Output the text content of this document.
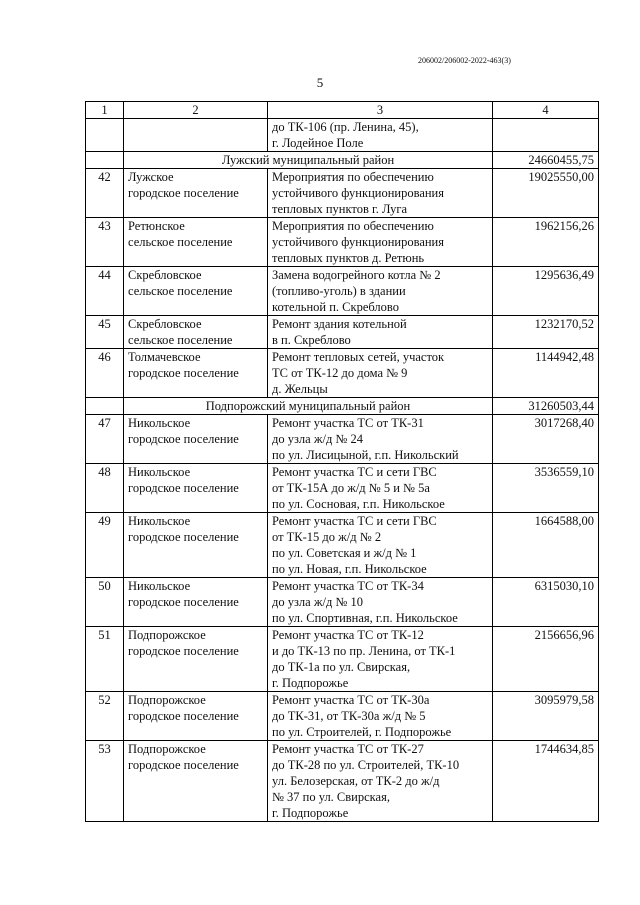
206002/206002-2022-463(3)
5
1	2	3	4

		до ТК-106 (пр. Ленина, 45),
г. Лодейное Поле	

	Лужский муниципальный район		24660455,75
42	Лужское
городское поселение	Мероприятия по обеспечению
устойчивого функционирования
тепловых пунктов г. Луга	19025550,00
43	Ретюнское
сельское поселение	Мероприятия по обеспечению
устойчивого функционирования
тепловых пунктов д. Ретюнь	1962156,26
44	Скребловское
сельское поселение	Замена водогрейного котла № 2
(топливо-уголь) в здании
котельной п. Скреблово	1295636,49
45	Скребловское
сельское поселение	Ремонт здания котельной
в п. Скреблово	1232170,52
46	Толмачевское
городское поселение	Ремонт тепловых сетей, участок
ТС от ТК-12 до дома № 9
д. Жельцы	1144942,48
	Подпорожский муниципальный район		31260503,44
47	Никольское
городское поселение	Ремонт участка ТС от ТК-31
до узла ж/д № 24
по ул. Лисицыной, г.п. Никольский	3017268,40
48	Никольское
городское поселение	Ремонт участка ТС и сети ГВС
от ТК-15А до ж/д № 5 и № 5а
по ул. Сосновая, г.п. Никольское	3536559,10
49	Никольское
городское поселение	Ремонт участка ТС и сети ГВС
от ТК-15 до ж/д № 2
по ул. Советская и ж/д № 1
по ул. Новая, г.п. Никольское	1664588,00
50	Никольское
городское поселение	Ремонт участка ТС от ТК-34
до узла ж/д № 10
по ул. Спортивная, г.п. Никольское	6315030,10
51	Подпорожское
городское поселение	Ремонт участка ТС от ТК-12
и до ТК-13 по пр. Ленина, от ТК-1
до ТК-1а по ул. Свирская,
г. Подпорожье	2156656,96
52	Подпорожское
городское поселение	Ремонт участка ТС от ТК-30а
до ТК-31, от ТК-30а ж/д № 5
по ул. Строителей, г. Подпорожье	3095979,58
53	Подпорожское
городское поселение	Ремонт участка ТС от ТК-27
до ТК-28 по ул. Строителей, ТК-10
ул. Белозерская, от ТК-2 до ж/д
№ 37 по ул. Свирская,
г. Подпорожье	1744634,85
